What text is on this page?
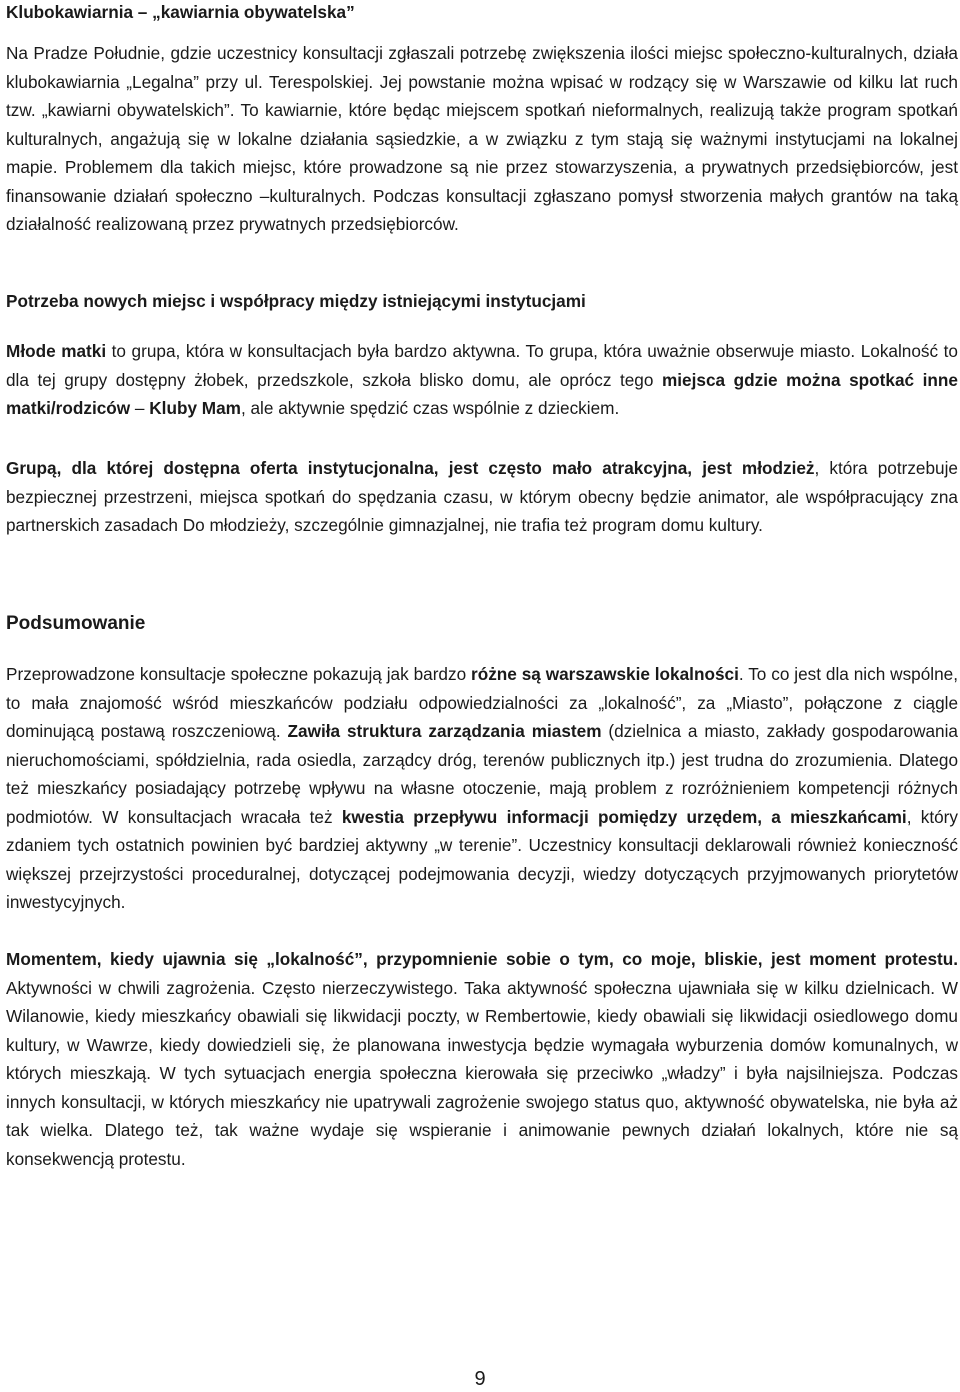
Klubokawiarnia – „kawiarnia obywatelska”

Na Pradze Południe, gdzie uczestnicy konsultacji zgłaszali potrzebę zwiększenia ilości miejsc społeczno-kulturalnych, działa klubokawiarnia „Legalna” przy ul. Terespolskiej. Jej powstanie można wpisać w rodzący się w Warszawie od kilku lat ruch tzw. „kawiarni obywatelskich”. To kawiarnie, które będąc miejscem spotkań nieformalnych, realizują także program spotkań kulturalnych, angażują się w lokalne działania sąsiedzkie, a w związku z tym stają się ważnymi instytucjami na lokalnej mapie. Problemem dla takich miejsc, które prowadzone są nie przez stowarzyszenia, a prywatnych przedsiębiorców, jest finansowanie działań społeczno –kulturalnych. Podczas konsultacji zgłaszano pomysł stworzenia małych grantów na taką działalność realizowaną przez prywatnych przedsiębiorców.

Potrzeba nowych miejsc i współpracy między istniejącymi instytucjami

Młode matki to grupa, która w konsultacjach była bardzo aktywna. To grupa, która uważnie obserwuje miasto. Lokalność to dla tej grupy dostępny żłobek, przedszkole, szkoła blisko domu, ale oprócz tego miejsca gdzie można spotkać inne matki/rodziców – Kluby Mam, ale aktywnie spędzić czas wspólnie z dzieckiem.

Grupą, dla której dostępna oferta instytucjonalna, jest często mało atrakcyjna, jest młodzież, która potrzebuje bezpiecznej przestrzeni, miejsca spotkań do spędzania czasu, w którym obecny będzie animator, ale współpracujący zna partnerskich zasadach Do młodzieży, szczególnie gimnazjalnej, nie trafia też program domu kultury.

Podsumowanie

Przeprowadzone konsultacje społeczne pokazują jak bardzo różne są warszawskie lokalności. To co jest dla nich wspólne, to mała znajomość wśród mieszkańców podziału odpowiedzialności za „lokalność”, za „Miasto”, połączone z ciągle dominującą postawą roszczeniową. Zawiła struktura zarządzania miastem (dzielnica a miasto, zakłady gospodarowania nieruchomościami, spółdzielnia, rada osiedla, zarządcy dróg, terenów publicznych itp.) jest trudna do zrozumienia. Dlatego też mieszkańcy posiadający potrzebę wpływu na własne otoczenie, mają problem z rozróżnieniem kompetencji różnych podmiotów. W konsultacjach wracała też kwestia przepływu informacji pomiędzy urzędem, a mieszkańcami, który zdaniem tych ostatnich powinien być bardziej aktywny „w terenie”. Uczestnicy konsultacji deklarowali również konieczność większej przejrzystości proceduralnej, dotyczącej podejmowania decyzji, wiedzy dotyczących przyjmowanych priorytetów inwestycyjnych.

Momentem, kiedy ujawnia się „lokalność”, przypomnienie sobie o tym, co moje, bliskie, jest moment protestu. Aktywności w chwili zagrożenia. Często nierzeczywistego. Taka aktywność społeczna ujawniała się w kilku dzielnicach. W Wilanowie, kiedy mieszkańcy obawiali się likwidacji poczty, w Rembertowie, kiedy obawiali się likwidacji osiedlowego domu kultury, w Wawrze, kiedy dowiedzieli się, że planowana inwestycja będzie wymagała wyburzenia domów komunalnych, w których mieszkają. W tych sytuacjach energia społeczna kierowała się przeciwko „władzy” i była najsilniejsza. Podczas innych konsultacji, w których mieszkańcy nie upatrywali zagrożenie swojego status quo, aktywność obywatelska, nie była aż tak wielka. Dlatego też, tak ważne wydaje się wspieranie i animowanie pewnych działań lokalnych, które nie są konsekwencją protestu.

9
